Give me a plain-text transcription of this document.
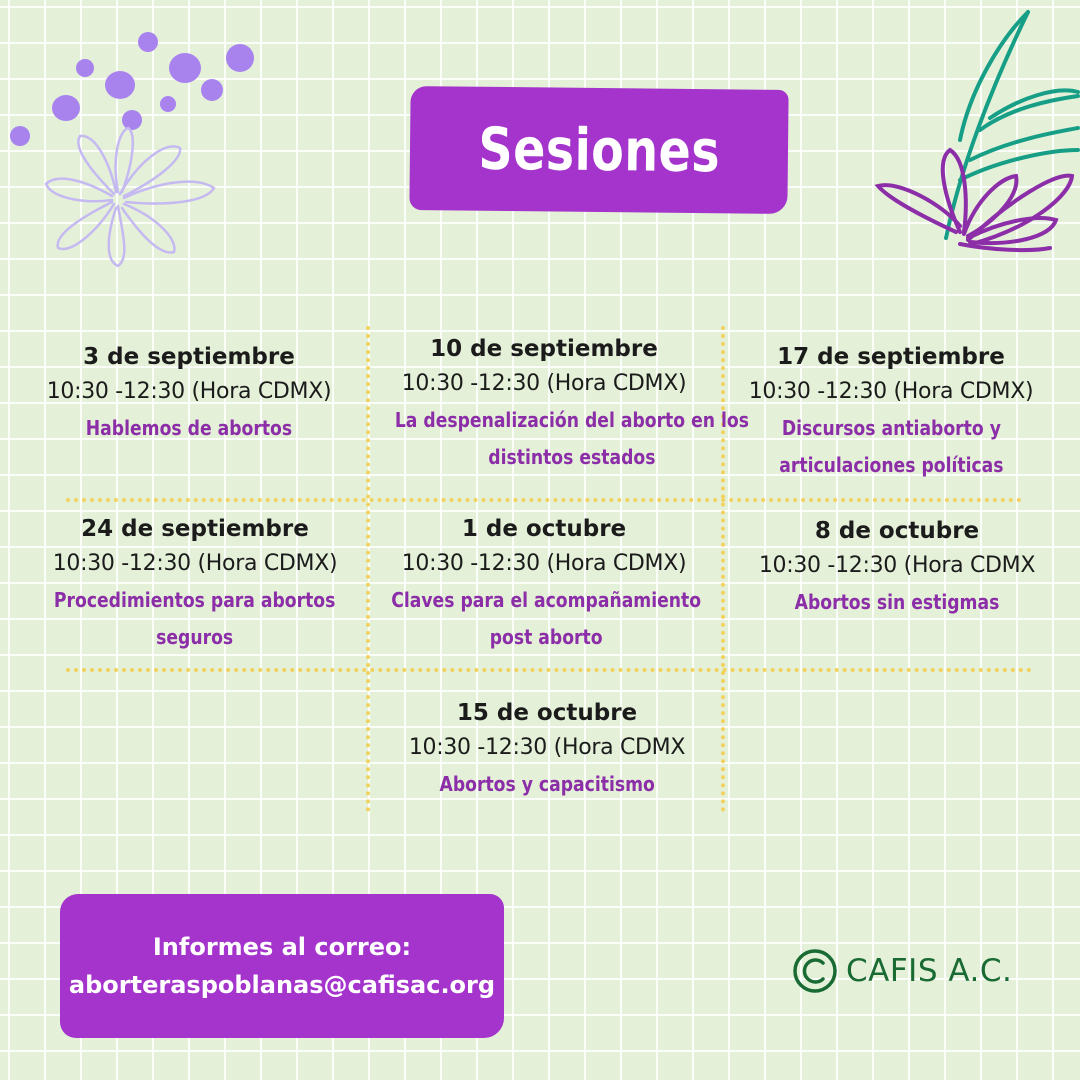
Sesiones
3 de septiembre
10:30 -12:30 (Hora CDMX)
Hablemos de abortos
10 de septiembre
10:30 -12:30 (Hora CDMX)
La despenalización del aborto en los
distintos estados
17 de septiembre
10:30 -12:30 (Hora CDMX)
Discursos antiaborto y
articulaciones políticas
24 de septiembre
10:30 -12:30 (Hora CDMX)
Procedimientos para abortos
seguros
1 de octubre
10:30 -12:30 (Hora CDMX)
Claves para el acompañamiento
post aborto
8 de octubre
10:30 -12:30 (Hora CDMX
Abortos sin estigmas
15 de octubre
10:30 -12:30 (Hora CDMX
Abortos y capacitismo
Informes al correo:
aborteraspoblanas@cafisac.org	CAFIS A.C.
